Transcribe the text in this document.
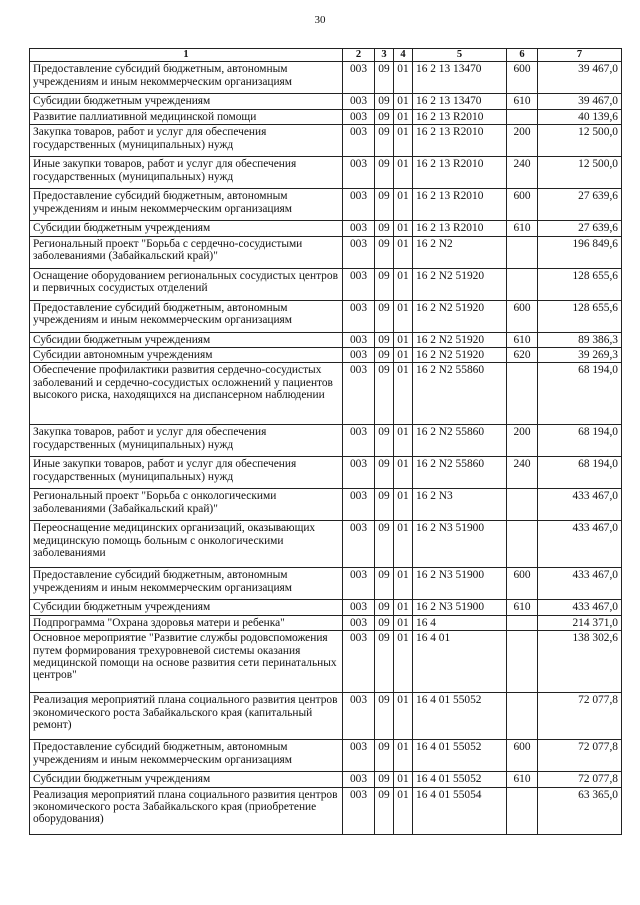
30
1	2	3	4	5	6	7
Предоставление субсидий бюджетным, автономным учреждениям и иным некоммерческим организациям	003	09	01	16 2 13 13470	600	39 467,0
Субсидии бюджетным учреждениям	003	09	01	16 2 13 13470	610	39 467,0
Развитие паллиативной медицинской помощи	003	09	01	16 2 13 R2010		40 139,6
Закупка товаров, работ и услуг для обеспечения государственных (муниципальных) нужд	003	09	01	16 2 13 R2010	200	12 500,0
Иные закупки товаров, работ и услуг для обеспечения государственных (муниципальных) нужд	003	09	01	16 2 13 R2010	240	12 500,0
Предоставление субсидий бюджетным, автономным учреждениям и иным некоммерческим организациям	003	09	01	16 2 13 R2010	600	27 639,6
Субсидии бюджетным учреждениям	003	09	01	16 2 13 R2010	610	27 639,6
Региональный проект "Борьба с сердечно-сосудистыми заболеваниями (Забайкальский край)"	003	09	01	16 2 N2		196 849,6
Оснащение оборудованием региональных сосудистых центров и первичных сосудистых отделений	003	09	01	16 2 N2 51920		128 655,6
Предоставление субсидий бюджетным, автономным учреждениям и иным некоммерческим организациям	003	09	01	16 2 N2 51920	600	128 655,6
Субсидии бюджетным учреждениям	003	09	01	16 2 N2 51920	610	89 386,3
Субсидии автономным учреждениям	003	09	01	16 2 N2 51920	620	39 269,3
Обеспечение профилактики развития сердечно-сосудистых заболеваний и сердечно-сосудистых осложнений у пациентов высокого риска, находящихся на диспансерном наблюдении	003	09	01	16 2 N2 55860		68 194,0
Закупка товаров, работ и услуг для обеспечения государственных (муниципальных) нужд	003	09	01	16 2 N2 55860	200	68 194,0
Иные закупки товаров, работ и услуг для обеспечения государственных (муниципальных) нужд	003	09	01	16 2 N2 55860	240	68 194,0
Региональный проект "Борьба с онкологическими заболеваниями (Забайкальский край)"	003	09	01	16 2 N3		433 467,0
Переоснащение медицинских организаций, оказывающих медицинскую помощь больным с онкологическими заболеваниями	003	09	01	16 2 N3 51900		433 467,0
Предоставление субсидий бюджетным, автономным учреждениям и иным некоммерческим организациям	003	09	01	16 2 N3 51900	600	433 467,0
Субсидии бюджетным учреждениям	003	09	01	16 2 N3 51900	610	433 467,0
Подпрограмма "Охрана здоровья матери и ребенка"	003	09	01	16 4		214 371,0
Основное мероприятие "Развитие службы родовспоможения путем формирования трехуровневой системы оказания медицинской помощи на основе развития сети перинатальных центров"	003	09	01	16 4 01		138 302,6
Реализация мероприятий плана социального развития центров экономического роста Забайкальского края (капитальный ремонт)	003	09	01	16 4 01 55052		72 077,8
Предоставление субсидий бюджетным, автономным учреждениям и иным некоммерческим организациям	003	09	01	16 4 01 55052	600	72 077,8
Субсидии бюджетным учреждениям	003	09	01	16 4 01 55052	610	72 077,8
Реализация мероприятий плана социального развития центров экономического роста Забайкальского края (приобретение оборудования)	003	09	01	16 4 01 55054		63 365,0
